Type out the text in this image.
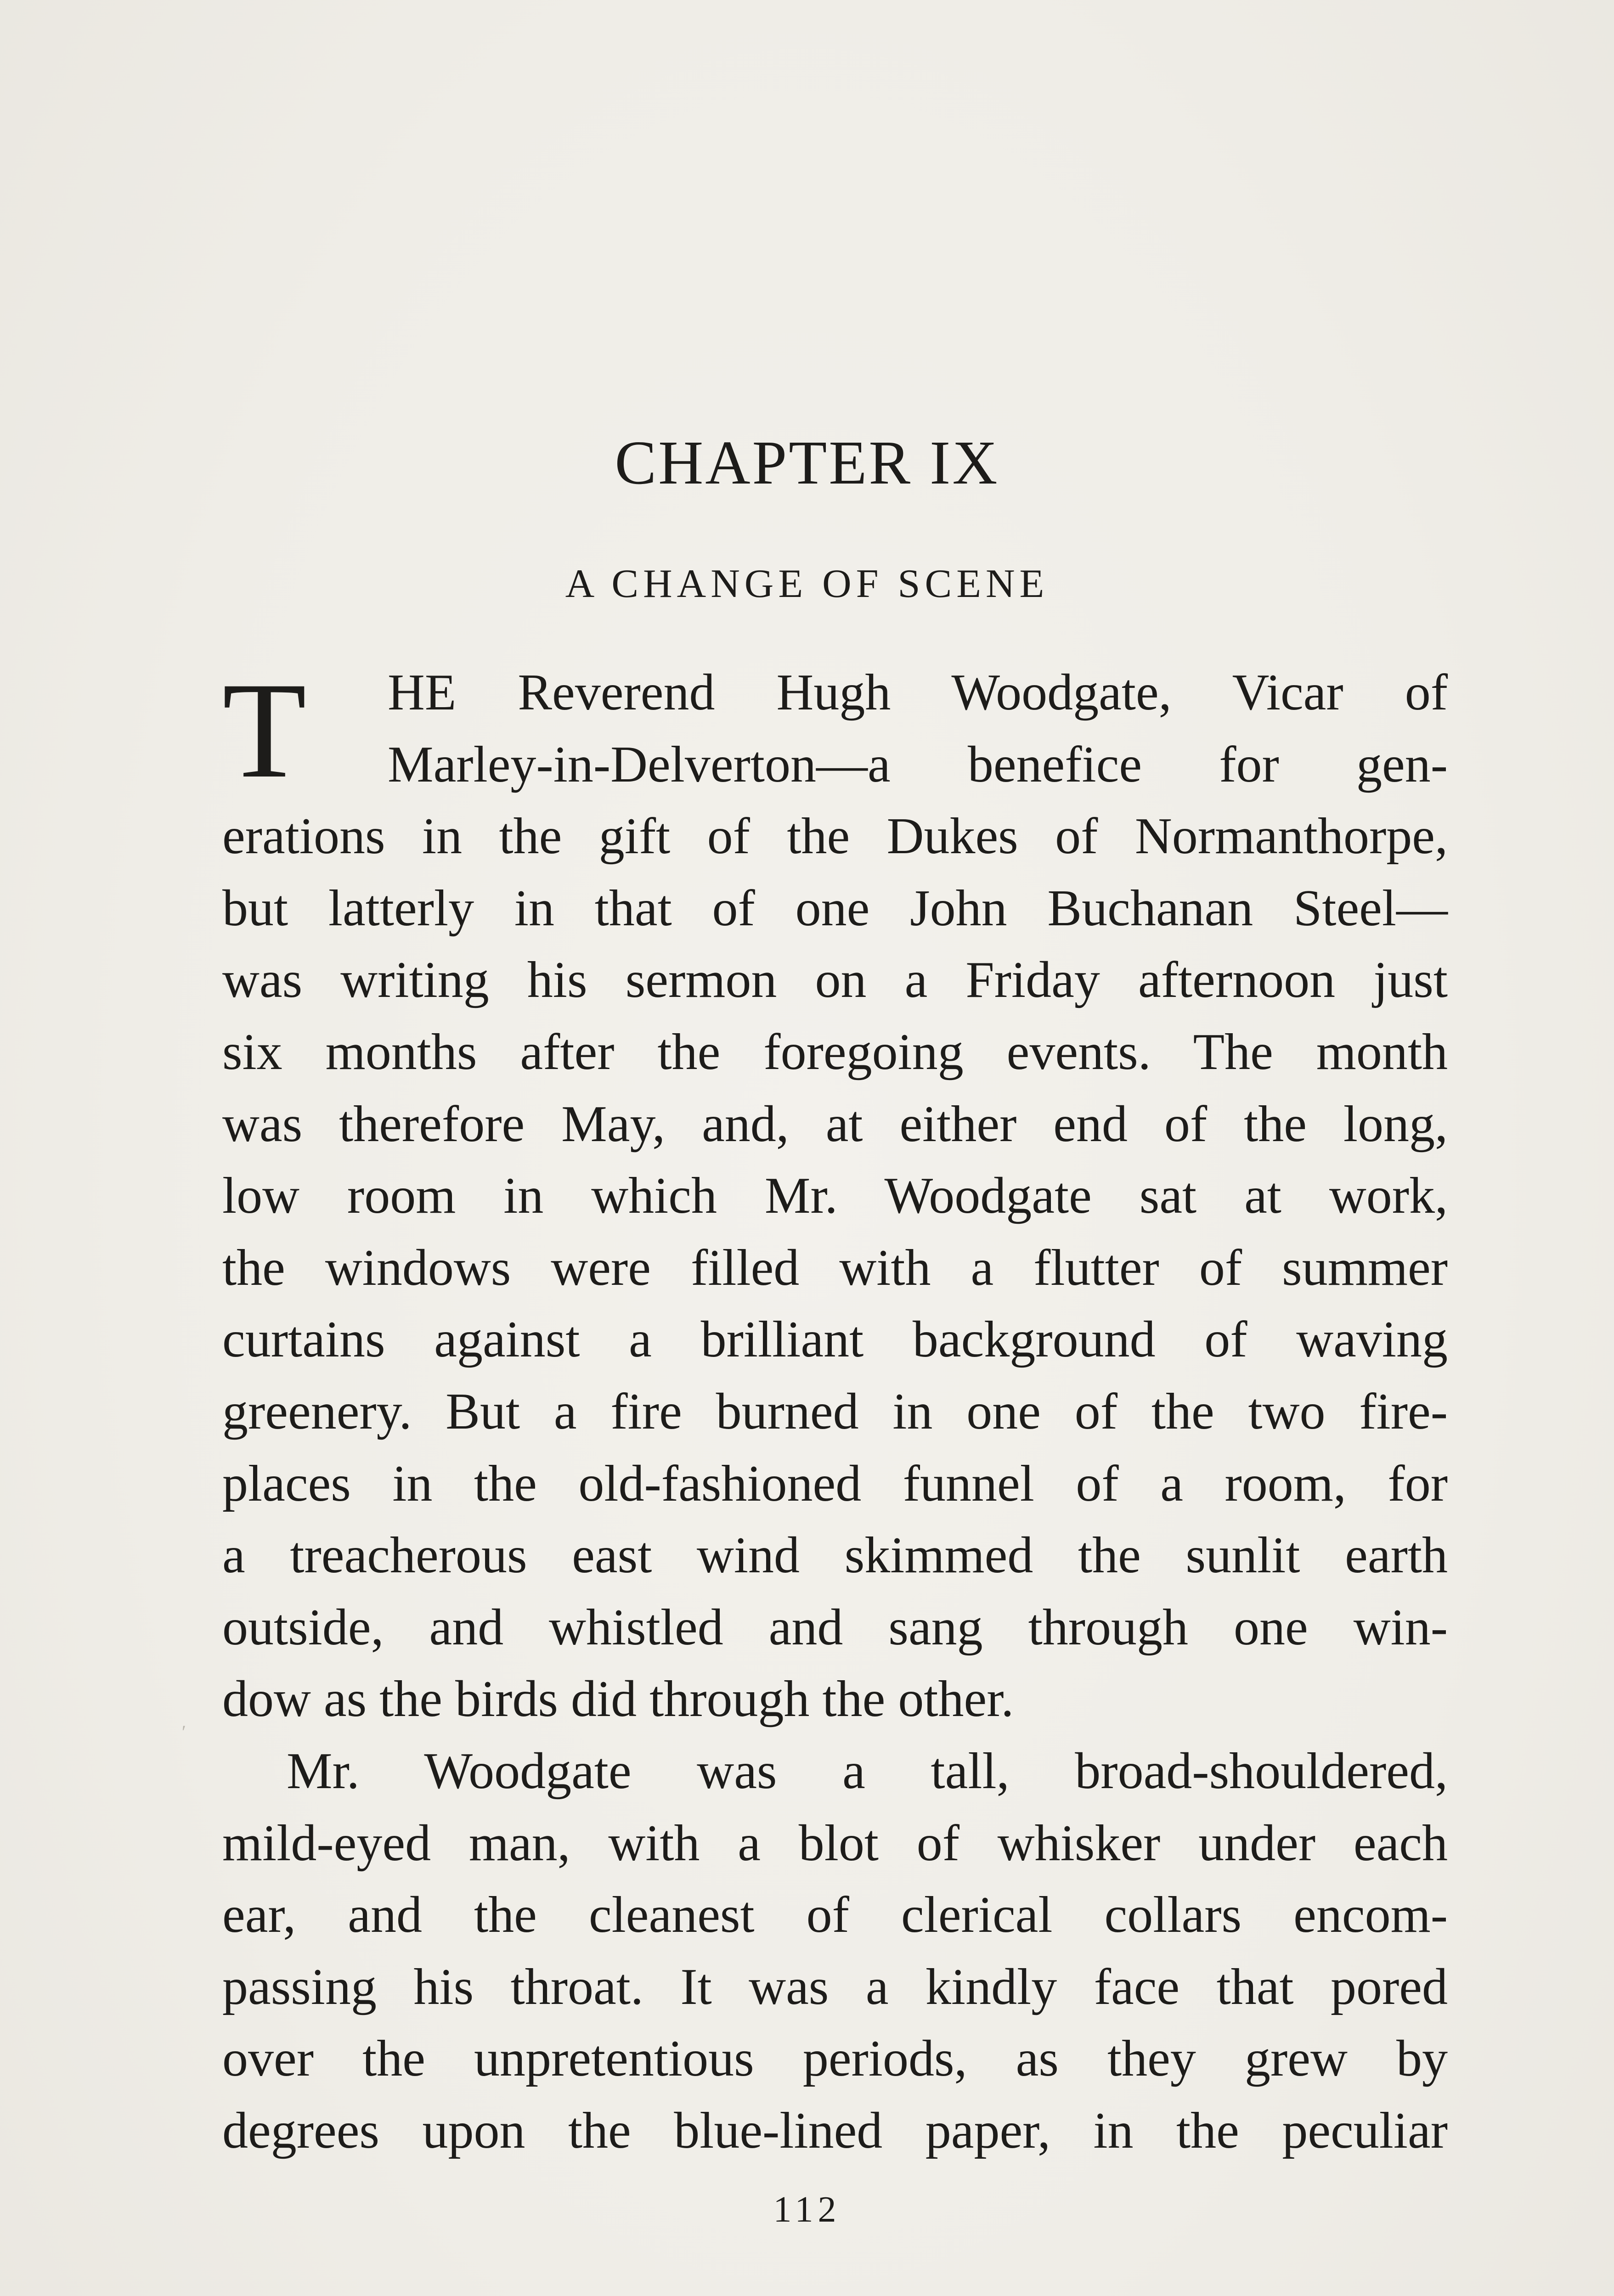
CHAPTER IX
A CHANGE OF SCENE
T	HE Reverend Hugh Woodgate, Vicar of
Marley-in-Delverton—a benefice for gen-
erations in the gift of the Dukes of Normanthorpe,
but latterly in that of one John Buchanan Steel—
was writing his sermon on a Friday afternoon just
six months after the foregoing events. The month
was therefore May, and, at either end of the long,
low room in which Mr. Woodgate sat at work,
the windows were filled with a flutter of summer
curtains against a brilliant background of waving
greenery. But a fire burned in one of the two fire-
places in the old-fashioned funnel of a room, for
a treacherous east wind skimmed the sunlit earth
outside, and whistled and sang through one win-
dow as the birds did through the other.
Mr. Woodgate was a tall, broad-shouldered,
mild-eyed man, with a blot of whisker under each
ear, and the cleanest of clerical collars encom-
passing his throat. It was a kindly face that pored
over the unpretentious periods, as they grew by
degrees upon the blue-lined paper, in the peculiar
′
112
